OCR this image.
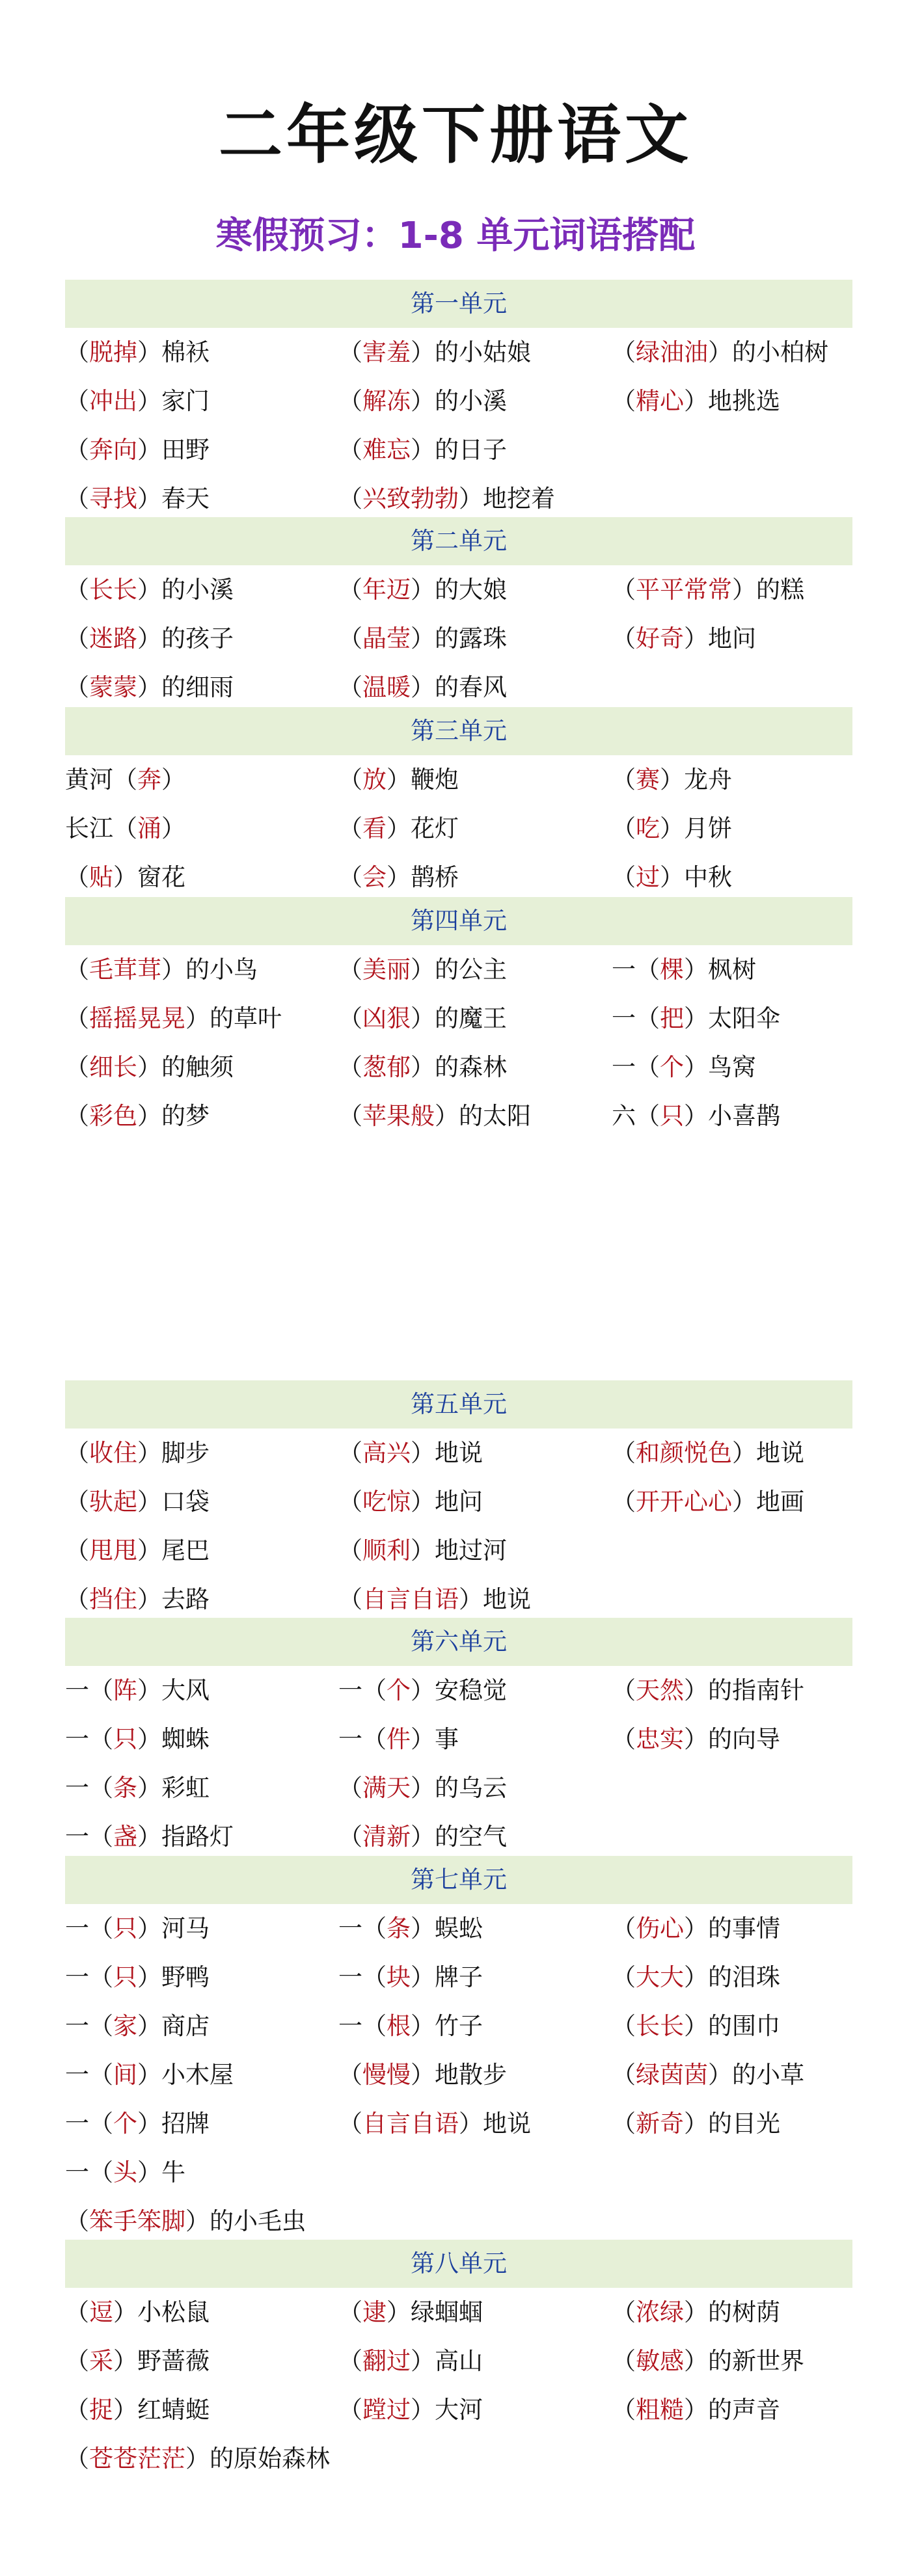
二年级下册语文
寒假预习：1-8 单元词语搭配
第一单元
（脱掉）棉袄	（害羞）的小姑娘	（绿油油）的小柏树
（冲出）家门	（解冻）的小溪	（精心）地挑选
（奔向）田野	（难忘）的日子
（寻找）春天	（兴致勃勃）地挖着
第二单元
（长长）的小溪	（年迈）的大娘	（平平常常）的糕
（迷路）的孩子	（晶莹）的露珠	（好奇）地问
（蒙蒙）的细雨	（温暖）的春风
第三单元
黄河（奔）	（放）鞭炮	（赛）龙舟
长江（涌）	（看）花灯	（吃）月饼
（贴）窗花	（会）鹊桥	（过）中秋
第四单元
（毛茸茸）的小鸟	（美丽）的公主	一（棵）枫树
（摇摇晃晃）的草叶 （凶狠）的魔王	一（把）太阳伞
（细长）的触须	（葱郁）的森林	一（个）鸟窝
（彩色）的梦	（苹果般）的太阳	六（只）小喜鹊
第五单元
（收住）脚步	（高兴）地说	（和颜悦色）地说
（驮起）口袋	（吃惊）地问	（开开心心）地画
（甩甩）尾巴	（顺利）地过河
（挡住）去路	（自言自语）地说
第六单元
一（阵）大风	一（个）安稳觉	（天然）的指南针
一（只）蜘蛛	一（件）事	（忠实）的向导
一（条）彩虹	（满天）的乌云
一（盏）指路灯	（清新）的空气
第七单元
一（只）河马	一（条）蜈蚣	（伤心）的事情
一（只）野鸭	一（块）牌子	（大大）的泪珠
一（家）商店	一（根）竹子	（长长）的围巾
一（间）小木屋	（慢慢）地散步	（绿茵茵）的小草
一（个）招牌	（自言自语）地说	（新奇）的目光
一（头）牛
（笨手笨脚）的小毛虫
第八单元
（逗）小松鼠	（逮）绿蝈蝈	（浓绿）的树荫
（采）野蔷薇	（翻过）高山	（敏感）的新世界
（捉）红蜻蜓	（蹚过）大河	（粗糙）的声音
（苍苍茫茫）的原始森林
